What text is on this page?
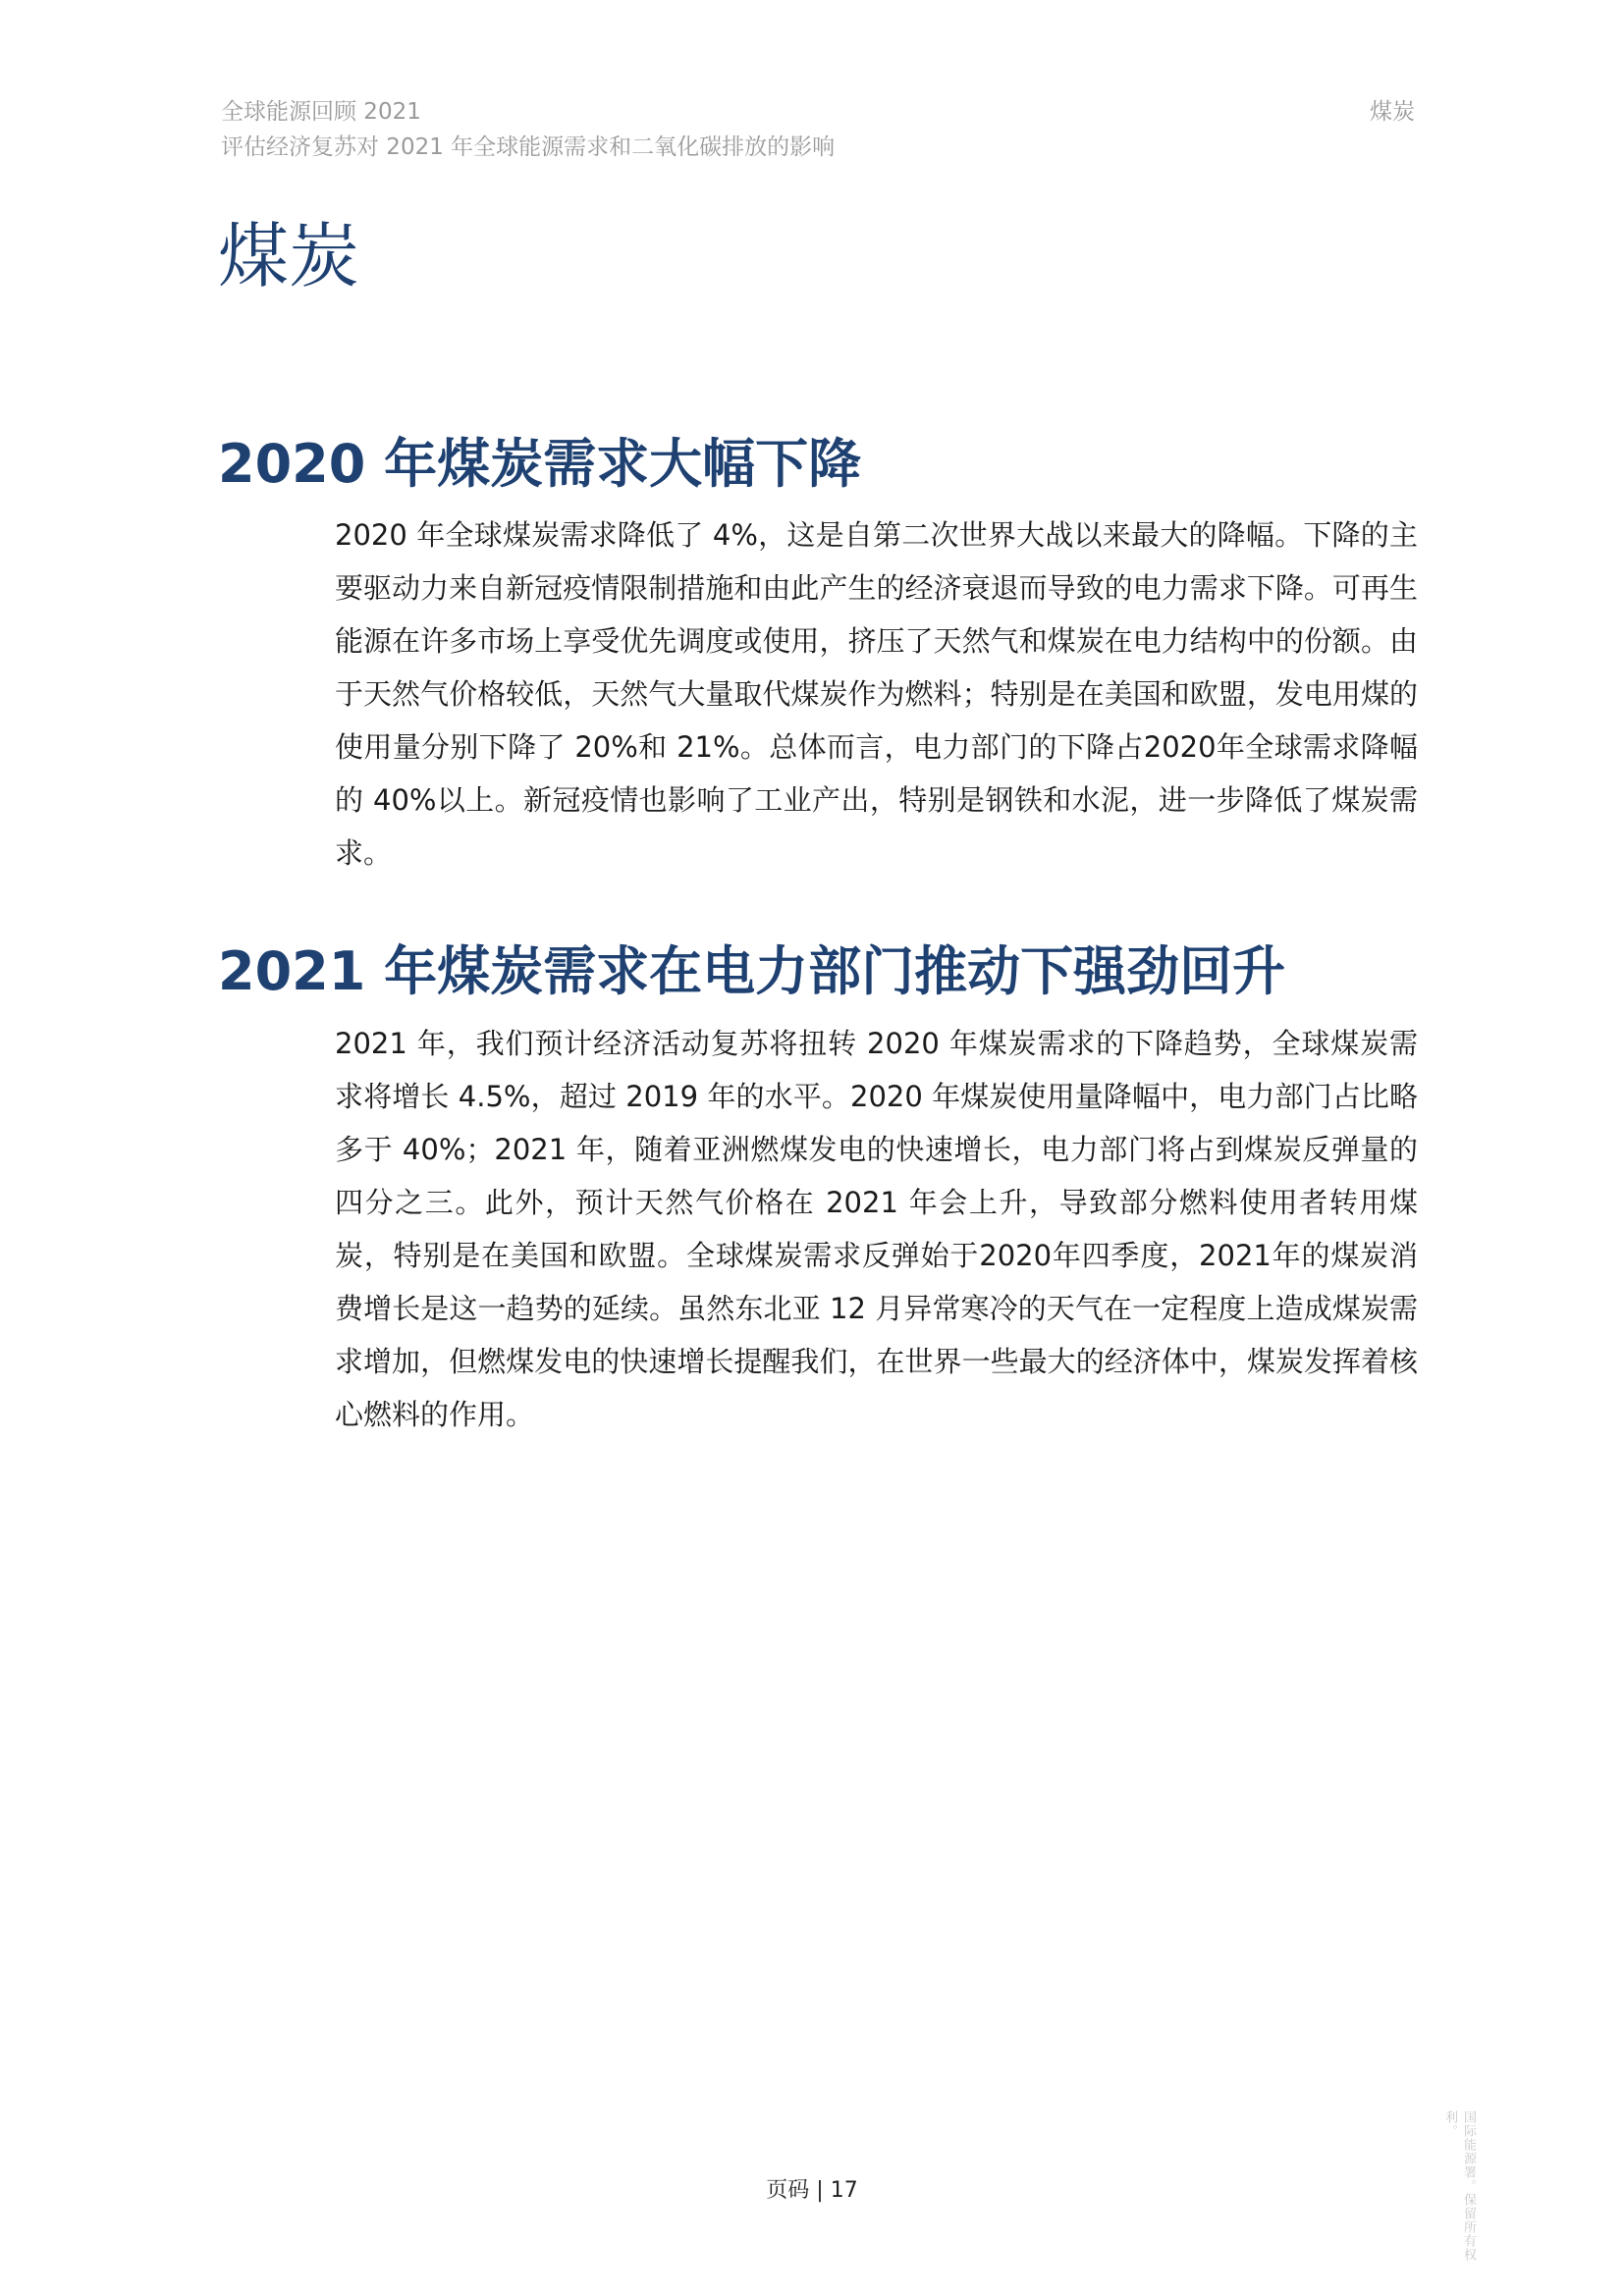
全球能源回顾 2021
评估经济复苏对 2021 年全球能源需求和二氧化碳排放的影响
煤炭
煤炭
2020 年煤炭需求大幅下降

2020 年全球煤炭需求降低了 4%，这是自第二次世界大战以来最大的降幅。下降的主要驱动力来自新冠疫情限制措施和由此产生的经济衰退而导致的电力需求下降。可再生能源在许多市场上享受优先调度或使用，挤压了天然气和煤炭在电力结构中的份额。由于天然气价格较低，天然气大量取代煤炭作为燃料；特别是在美国和欧盟，发电用煤的使用量分别下降了 20%和 21%。总体而言，电力部门的下降占2020年全球需求降幅的 40%以上。新冠疫情也影响了工业产出，特别是钢铁和水泥，进一步降低了煤炭需求。

2021 年煤炭需求在电力部门推动下强劲回升

2021 年，我们预计经济活动复苏将扭转 2020 年煤炭需求的下降趋势，全球煤炭需求将增长 4.5%，超过 2019 年的水平。2020 年煤炭使用量降幅中，电力部门占比略多于 40%；2021 年，随着亚洲燃煤发电的快速增长，电力部门将占到煤炭反弹量的四分之三。此外，预计天然气价格在 2021 年会上升，导致部分燃料使用者转用煤炭，特别是在美国和欧盟。全球煤炭需求反弹始于2020年四季度，2021年的煤炭消费增长是这一趋势的延续。虽然东北亚 12 月异常寒冷的天气在一定程度上造成煤炭需求增加，但燃煤发电的快速增长提醒我们，在世界一些最大的经济体中，煤炭发挥着核心燃料的作用。

页码 | 17	国际能源署。保留所有权利。
